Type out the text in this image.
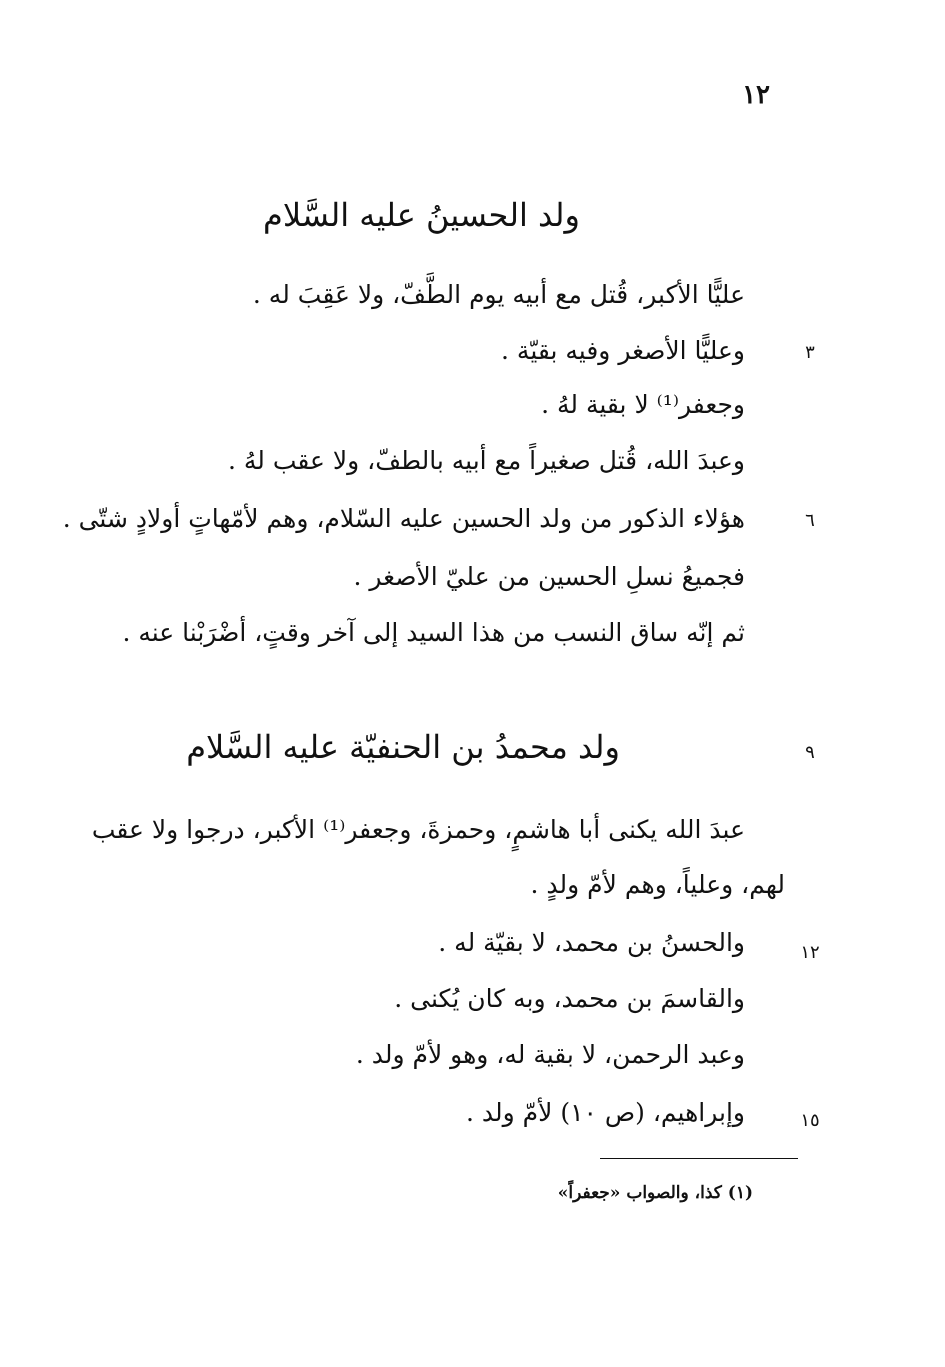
١٢
ولد الحسينُ عليه السَّلام
عليًّا الأكبر، قُتل مع أبيه يوم الطَّفّ، ولا عَقِبَ له .
وعليًّا الأصغر وفيه بقيّة .
وجعفر⁽¹⁾ لا بقية لهُ .
وعبدَ الله، قُتل صغيراً مع أبيه بالطفّ، ولا عقب لهُ .
هؤلاء الذكور من ولد الحسين عليه السّلام، وهم لأمّهاتٍ أولادٍ شتّى .
فجميعُ نسلِ الحسين من عليّ الأصغر .
ثم إنّه ساق النسب من هذا السيد إلى آخر وقتٍ، أضْرَبْنا عنه .
ولد محمدُ بن الحنفيّة عليه السَّلام
عبدَ الله يكنى أبا هاشمٍ، وحمزةَ، وجعفر⁽¹⁾ الأكبر، درجوا ولا عقب
لهم، وعلياً، وهم لأمّ ولدٍ .
والحسنُ بن محمد، لا بقيّة له .
والقاسمَ بن محمد، وبه كان يُكنى .
وعبد الرحمن، لا بقية له، وهو لأمّ ولد .
وإبراهيم، (ص ١٠) لأمّ ولد .
٣
٦
٩
١٢
١٥
(١) كذا، والصواب «جعفراً»
